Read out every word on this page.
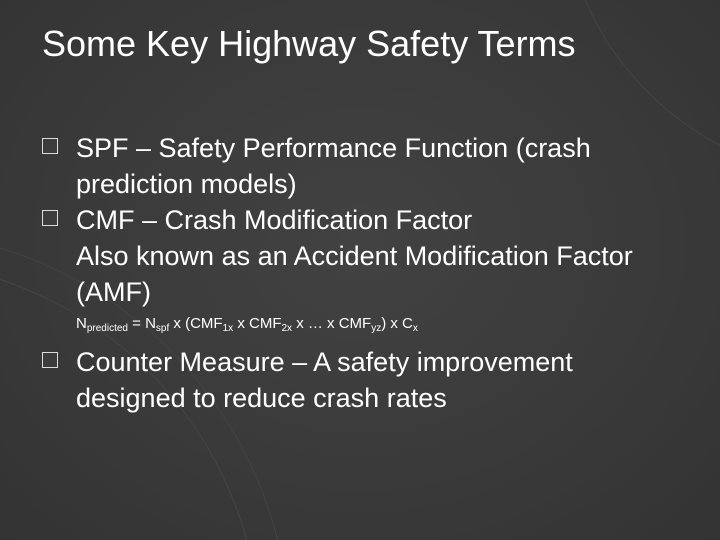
Some Key Highway Safety Terms
SPF – Safety Performance Function (crash prediction models)
CMF – Crash Modification Factor
Also known as an Accident Modification Factor (AMF)
$N_{predicted} = N_{spf}$ x ($CMF_{1x}$ x $CMF_{2x}$ x … x $CMF_{yz}$) x $C_x$
Counter Measure – A safety improvement designed to reduce crash rates
